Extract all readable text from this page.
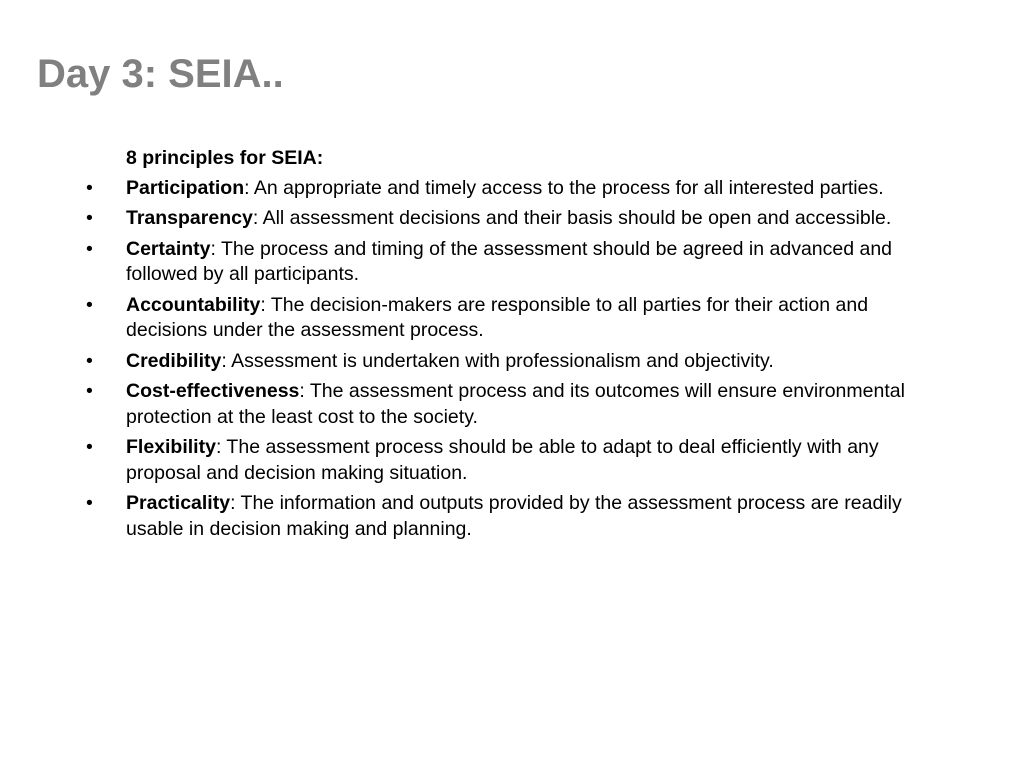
Day 3: SEIA..

8 principles for SEIA:

•	Participation: An appropriate and timely access to the process for all interested parties.
•	Transparency: All assessment decisions and their basis should be open and accessible.
•	Certainty: The process and timing of the assessment should be agreed in advanced and followed by all participants.
•	Accountability: The decision-makers are responsible to all parties for their action and decisions under the assessment process.
•	Credibility: Assessment is undertaken with professionalism and objectivity.
•	Cost-effectiveness: The assessment process and its outcomes will ensure environmental protection at the least cost to the society.
•	Flexibility: The assessment process should be able to adapt to deal efficiently with any proposal and decision making situation.
•	Practicality: The information and outputs provided by the assessment process are readily usable in decision making and planning.
